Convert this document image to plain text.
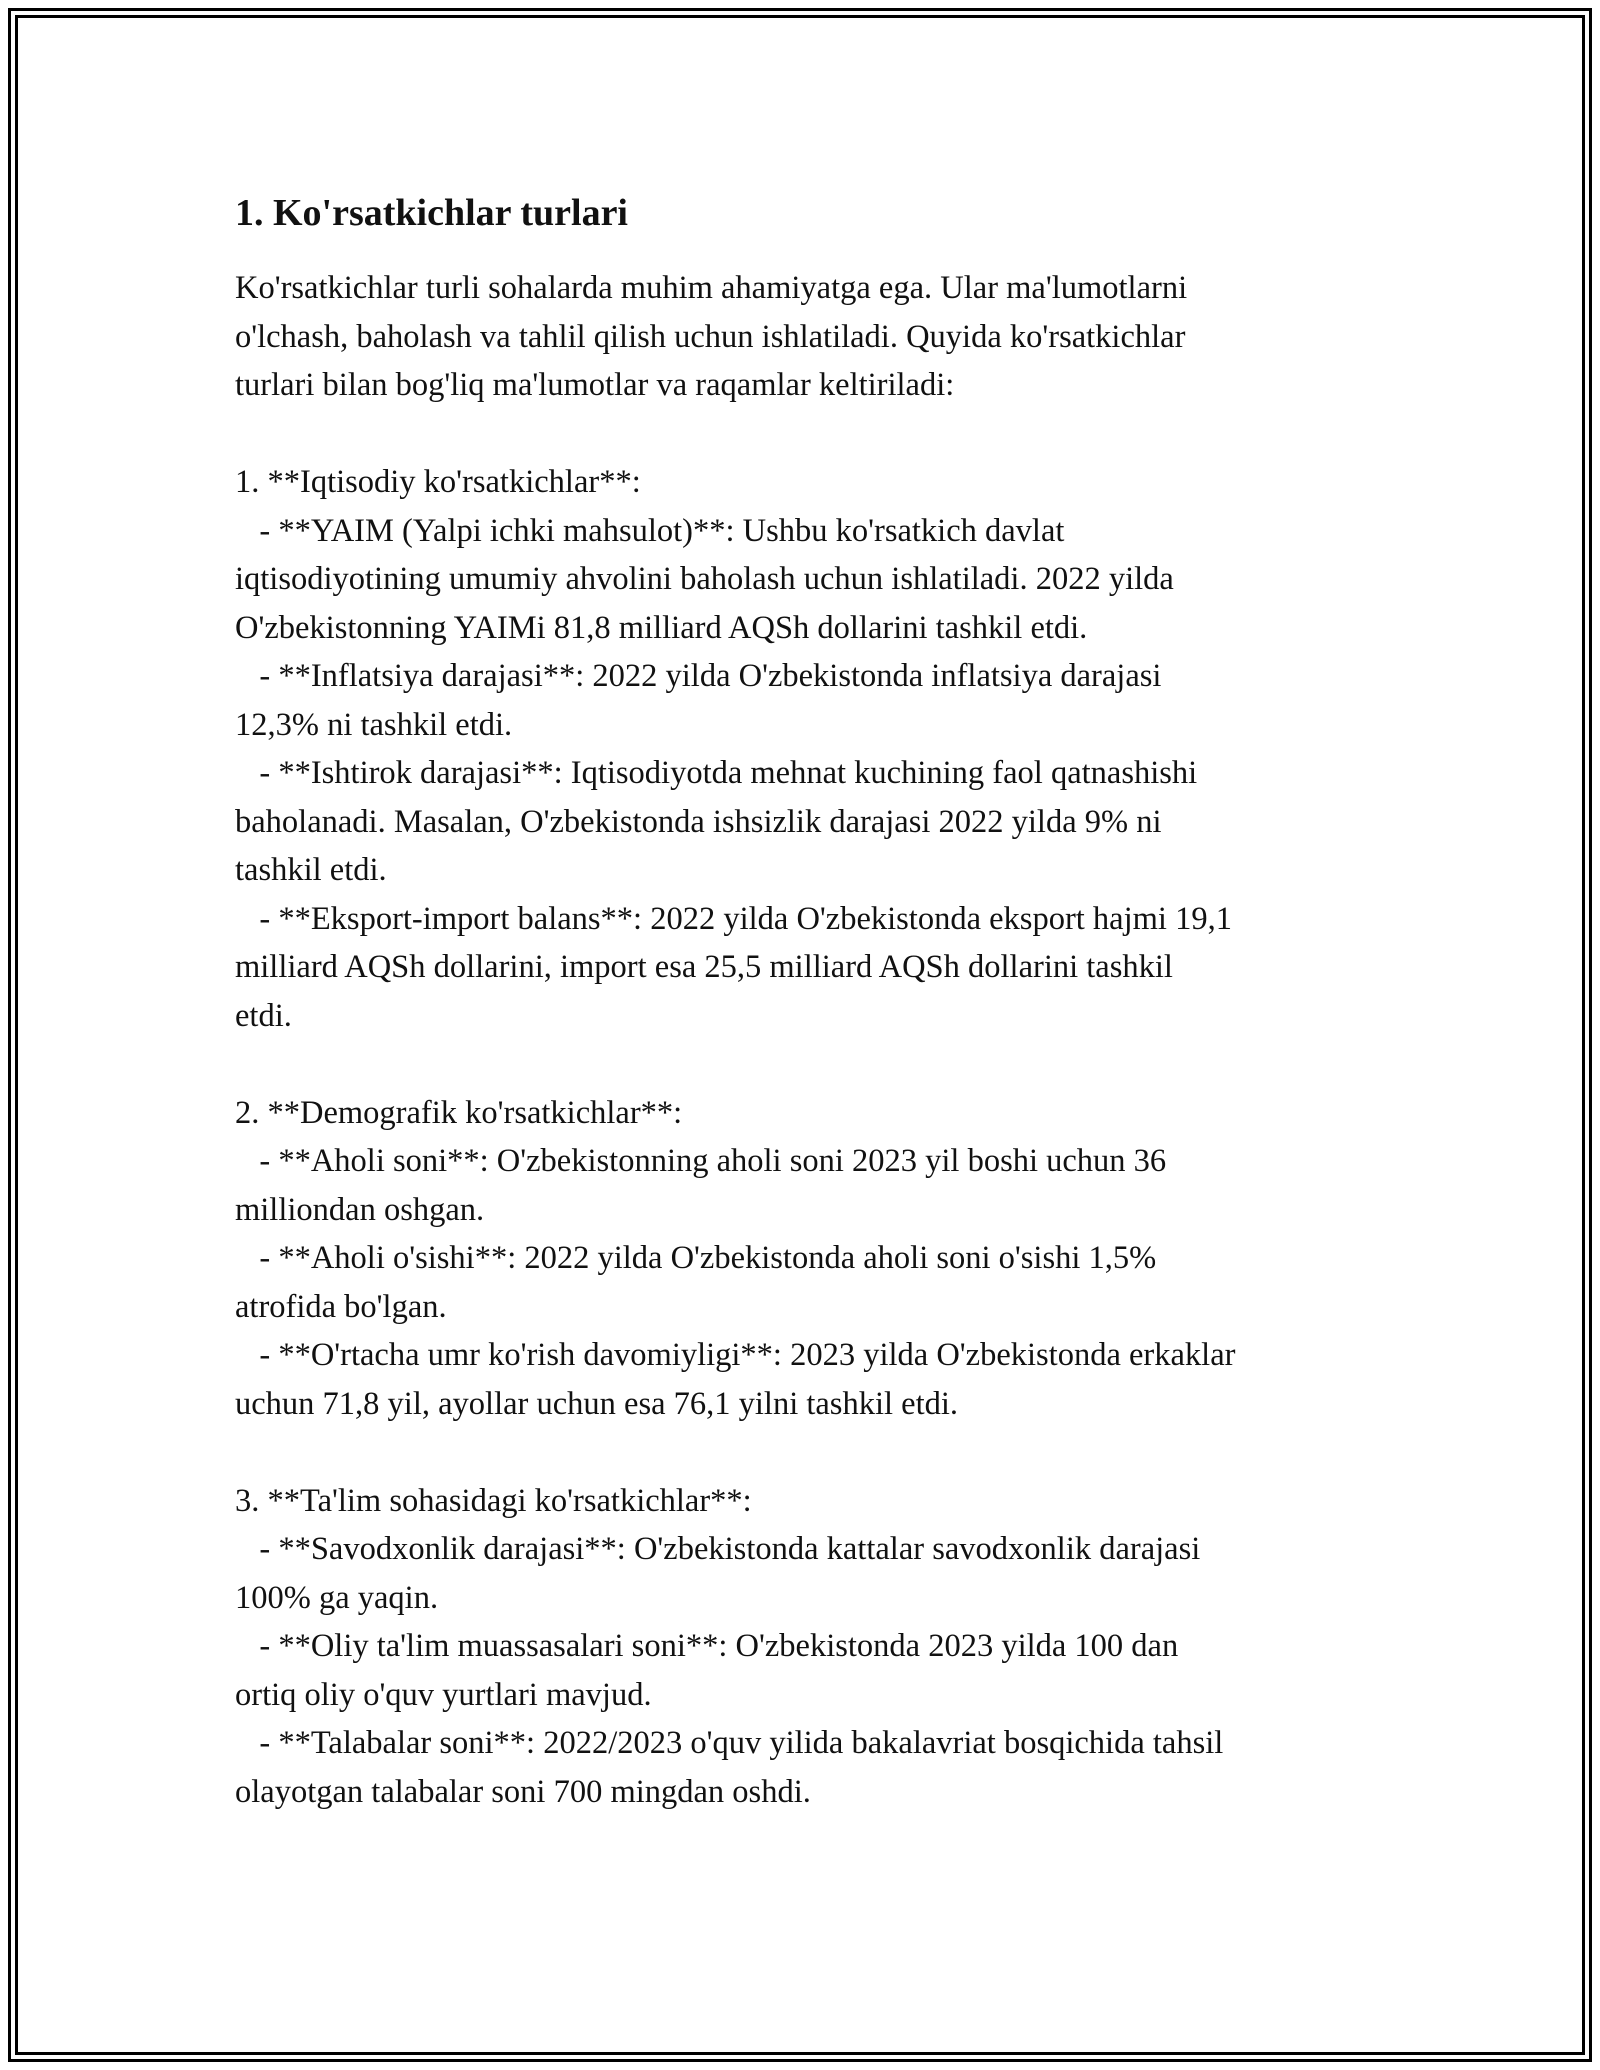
1. Ko'rsatkichlar turlari
Ko'rsatkichlar turli sohalarda muhim ahamiyatga ega. Ular ma'lumotlarni
o'lchash, baholash va tahlil qilish uchun ishlatiladi. Quyida ko'rsatkichlar
turlari bilan bog'liq ma'lumotlar va raqamlar keltiriladi:
1. **Iqtisodiy ko'rsatkichlar**:
- **YAIM (Yalpi ichki mahsulot)**: Ushbu ko'rsatkich davlat
iqtisodiyotining umumiy ahvolini baholash uchun ishlatiladi. 2022 yilda
O'zbekistonning YAIMi 81,8 milliard AQSh dollarini tashkil etdi.
- **Inflatsiya darajasi**: 2022 yilda O'zbekistonda inflatsiya darajasi
12,3% ni tashkil etdi.
- **Ishtirok darajasi**: Iqtisodiyotda mehnat kuchining faol qatnashishi
baholanadi. Masalan, O'zbekistonda ishsizlik darajasi 2022 yilda 9% ni
tashkil etdi.
- **Eksport-import balans**: 2022 yilda O'zbekistonda eksport hajmi 19,1
milliard AQSh dollarini, import esa 25,5 milliard AQSh dollarini tashkil
etdi.
2. **Demografik ko'rsatkichlar**:
- **Aholi soni**: O'zbekistonning aholi soni 2023 yil boshi uchun 36
milliondan oshgan.
- **Aholi o'sishi**: 2022 yilda O'zbekistonda aholi soni o'sishi 1,5%
atrofida bo'lgan.
- **O'rtacha umr ko'rish davomiyligi**: 2023 yilda O'zbekistonda erkaklar
uchun 71,8 yil, ayollar uchun esa 76,1 yilni tashkil etdi.
3. **Ta'lim sohasidagi ko'rsatkichlar**:
- **Savodxonlik darajasi**: O'zbekistonda kattalar savodxonlik darajasi
100% ga yaqin.
- **Oliy ta'lim muassasalari soni**: O'zbekistonda 2023 yilda 100 dan
ortiq oliy o'quv yurtlari mavjud.
- **Talabalar soni**: 2022/2023 o'quv yilida bakalavriat bosqichida tahsil
olayotgan talabalar soni 700 mingdan oshdi.
